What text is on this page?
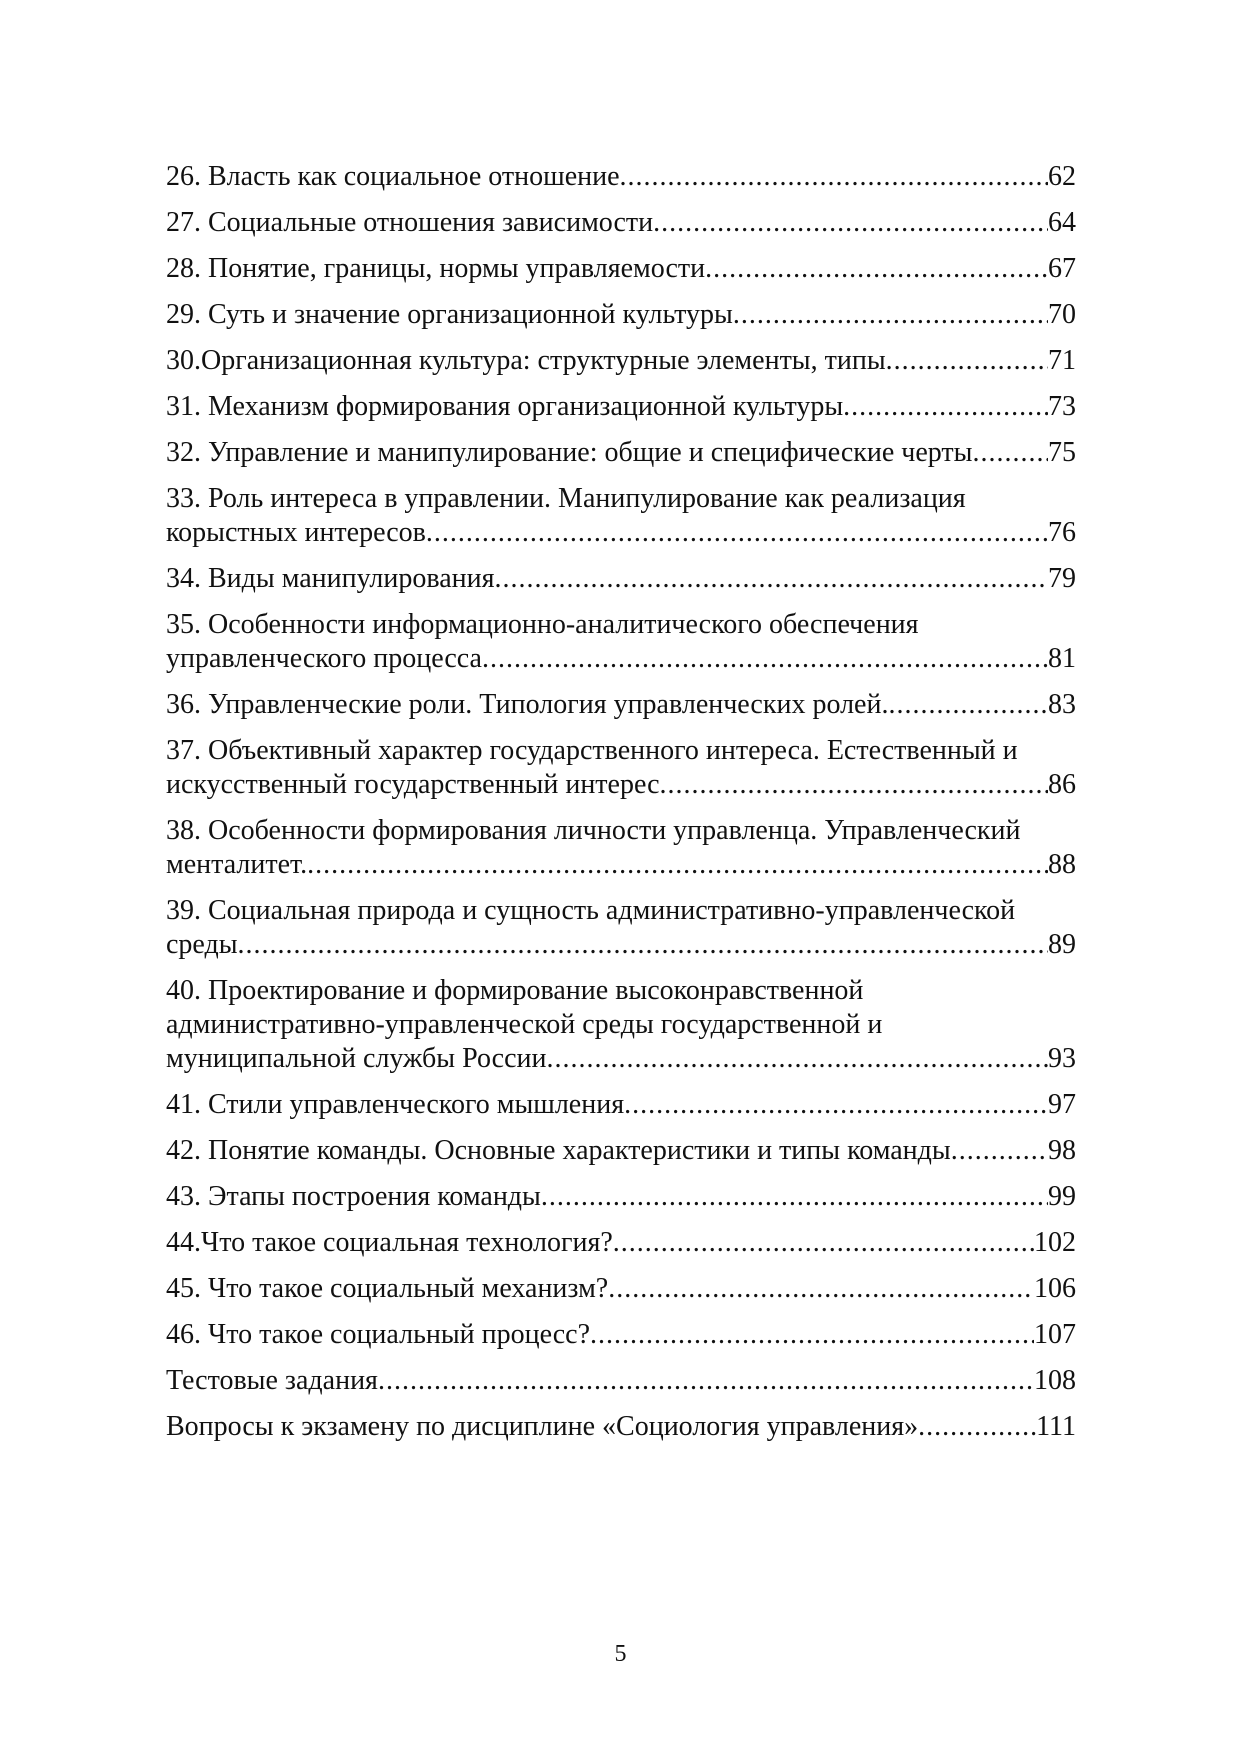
26. Власть как социальное отношение . . .	62
27. Социальные отношения зависимости . . .	64
28. Понятие, границы, нормы управляемости . . .	67
29. Суть и значение организационной культуры . . .	70
30.Организационная культура: структурные элементы, типы . . .	71
31. Механизм формирования организационной культуры . . .	73
32. Управление и манипулирование: общие и специфические черты . . .	75
33. Роль интереса в управлении. Манипулирование как реализация
корыстных интересов . . .	76
34. Виды манипулирования . . .	79
35. Особенности информационно-аналитического обеспечения
управленческого процесса . . .	81
36. Управленческие роли. Типология управленческих ролей. . . .	83
37. Объективный характер государственного интереса. Естественный и
искусственный государственный интерес . . .	86
38. Особенности формирования личности управленца. Управленческий
менталитет. . . .	88
39. Социальная природа и сущность административно-управленческой
среды . . .	89
40. Проектирование и формирование высоконравственной
административно-управленческой среды государственной и
муниципальной службы России . . .	93
41. Стили управленческого мышления . . .	97
42. Понятие команды. Основные характеристики и типы команды . . .	98
43. Этапы построения команды . . .	99
44.Что такое социальная технология? . . .	102
45. Что такое социальный механизм? . . .	106
46. Что такое социальный процесс? . . .	107
Тестовые задания . . .	108
Вопросы к экзамену по дисциплине «Социология управления» . . .	111
5
